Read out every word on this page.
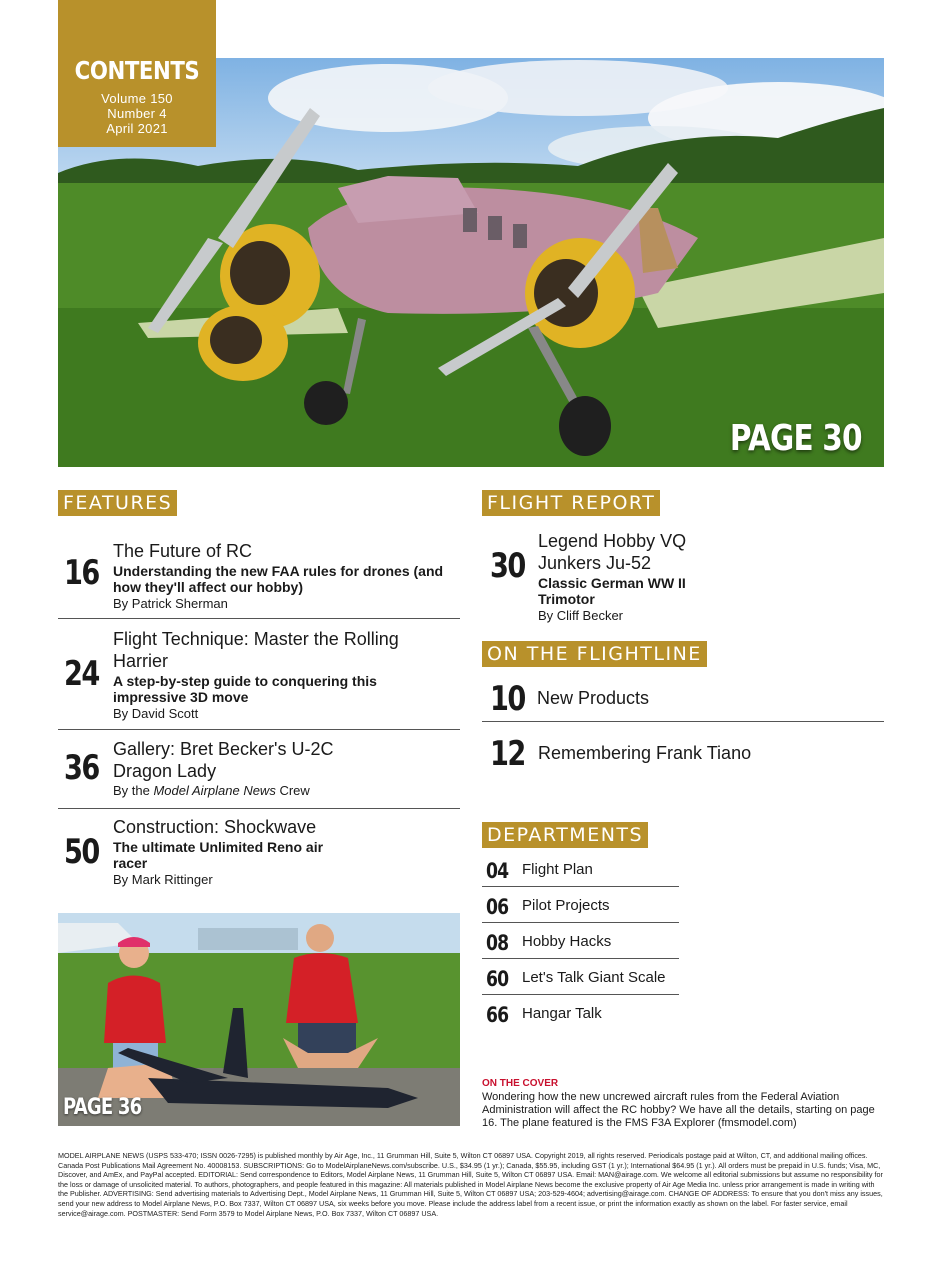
PAGE 30
CONTENTS
Volume 150
Number 4
April 2021
FEATURES
16
The Future of RC
Understanding the new FAA rules for drones (and how they'll affect our hobby)
By Patrick Sherman
24
Flight Technique: Master the Rolling Harrier
A step-by-step guide to conquering this impressive 3D move
By David Scott
36 Gallery: Bret Becker's U-2C Dragon Lady
By the Model Airplane News Crew
50
Construction: Shockwave
The ultimate Unlimited Reno air racer
By Mark Rittinger
PAGE 36
FLIGHT REPORT
30
Legend Hobby VQ Junkers Ju-52
Classic German WW II Trimotor
By Cliff Becker
ON THE FLIGHTLINE
10 New Products
12 Remembering Frank Tiano
DEPARTMENTS
04 Flight Plan
06 Pilot Projects
08 Hobby Hacks
60 Let's Talk Giant Scale
66 Hangar Talk
ON THE COVER
Wondering how the new uncrewed aircraft rules from the Federal Aviation Administration will affect the RC hobby? We have all the details, starting on page 16. The plane featured is the FMS F3A Explorer (fmsmodel.com)
MODEL AIRPLANE NEWS (USPS 533-470; ISSN 0026-7295) is published monthly by Air Age, Inc., 11 Grumman Hill, Suite 5, Wilton CT 06897 USA. Copyright 2019, all rights reserved. Periodicals postage paid at Wilton, CT, and additional mailing offices. Canada Post Publications Mail Agreement No. 40008153. SUBSCRIPTIONS: Go to ModelAirplaneNews.com/subscribe. U.S., $34.95 (1 yr.); Canada, $55.95, including GST (1 yr.); International $64.95 (1 yr.). All orders must be prepaid in U.S. funds; Visa, MC, Discover, and AmEx, and PayPal accepted. EDITORIAL: Send correspondence to Editors, Model Airplane News, 11 Grumman Hill, Suite 5, Wilton CT 06897 USA. Email: MAN@airage.com. We welcome all editorial submissions but assume no responsibility for the loss or damage of unsolicited material. To authors, photographers, and people featured in this magazine: All materials published in Model Airplane News become the exclusive property of Air Age Media Inc. unless prior arrangement is made in writing with the Publisher. ADVERTISING: Send advertising materials to Advertising Dept., Model Airplane News, 11 Grumman Hill, Suite 5, Wilton CT 06897 USA; 203-529-4604; advertising@airage.com. CHANGE OF ADDRESS: To ensure that you don't miss any issues, send your new address to Model Airplane News, P.O. Box 7337, Wilton CT 06897 USA, six weeks before you move. Please include the address label from a recent issue, or print the information exactly as shown on the label. For faster service, email service@airage.com. POSTMASTER: Send Form 3579 to Model Airplane News, P.O. Box 7337, Wilton CT 06897 USA.
